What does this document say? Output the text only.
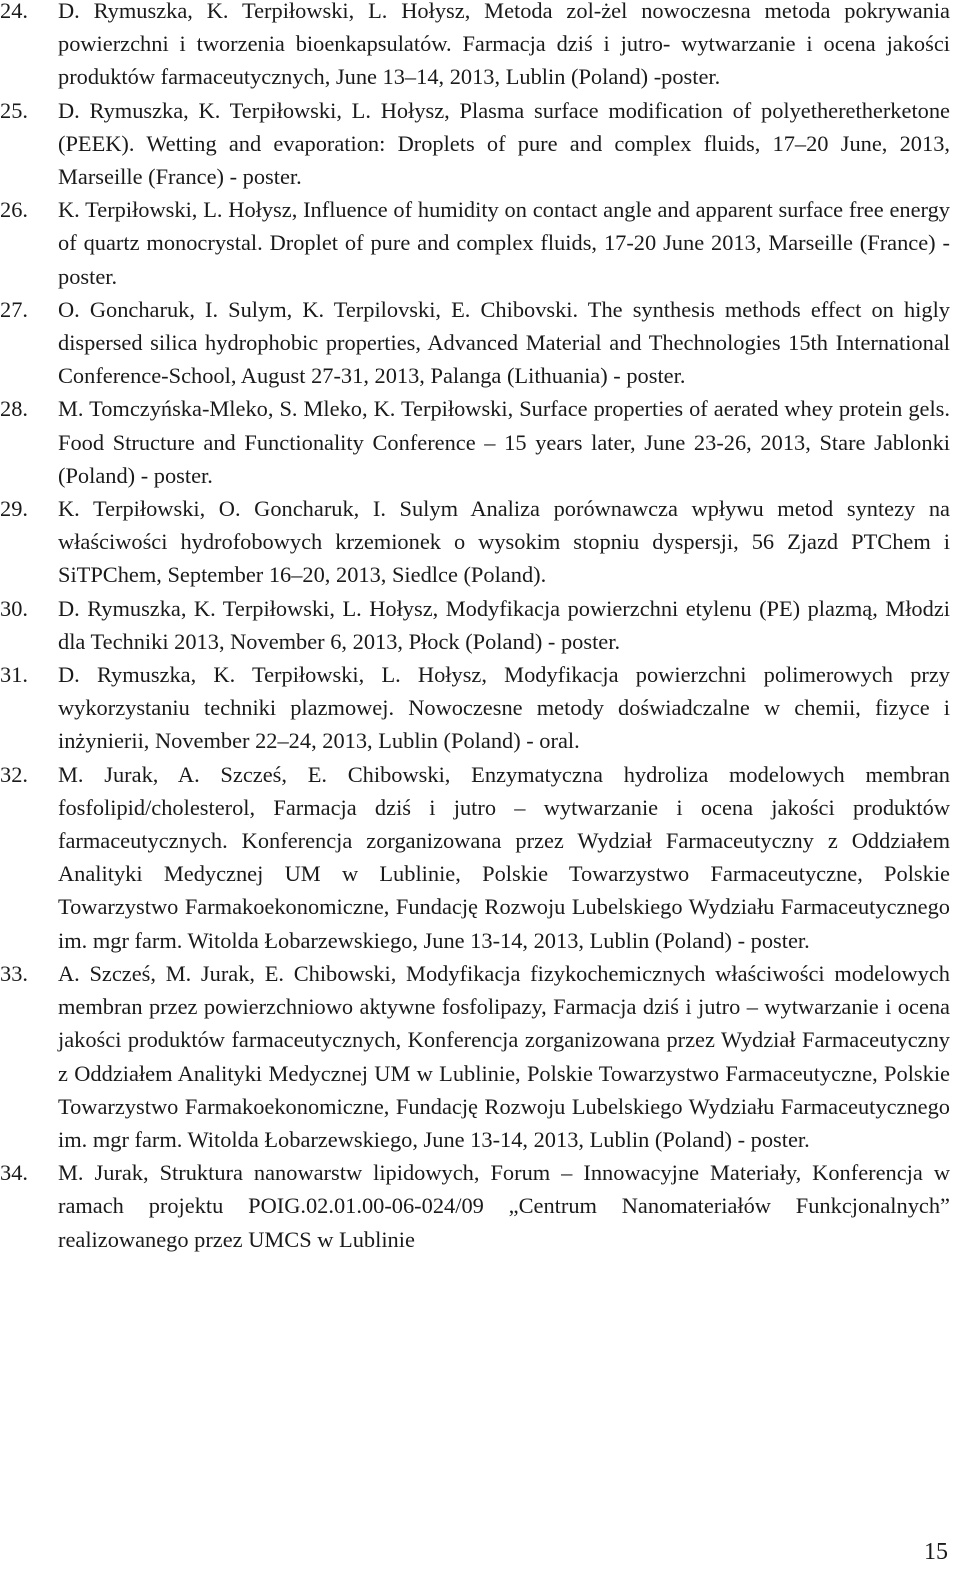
24. D. Rymuszka, K. Terpiłowski, L. Hołysz, Metoda zol-żel nowoczesna metoda pokrywania powierzchni i tworzenia bioenkapsulatów. Farmacja dziś i jutro- wytwarzanie i ocena jakości produktów farmaceutycznych, June 13–14, 2013, Lublin (Poland) -poster.
25. D. Rymuszka, K. Terpiłowski, L. Hołysz, Plasma surface modification of polyetheretherketone (PEEK). Wetting and evaporation: Droplets of pure and complex fluids, 17–20 June, 2013, Marseille (France) - poster.
26. K. Terpiłowski, L. Hołysz, Influence of humidity on contact angle and apparent surface free energy of quartz monocrystal. Droplet of pure and complex fluids, 17-20 June 2013, Marseille (France) - poster.
27. O. Goncharuk, I. Sulym, K. Terpilovski, E. Chibovski. The synthesis methods effect on higly dispersed silica hydrophobic properties, Advanced Material and Thechnologies 15th International Conference-School, August 27-31, 2013, Palanga (Lithuania) - poster.
28. M. Tomczyńska-Mleko, S. Mleko, K. Terpiłowski, Surface properties of aerated whey protein gels. Food Structure and Functionality Conference – 15 years later, June 23-26, 2013, Stare Jablonki (Poland) - poster.
29. K. Terpiłowski, O. Goncharuk, I. Sulym Analiza porównawcza wpływu metod syntezy na właściwości hydrofobowych krzemionek o wysokim stopniu dyspersji, 56 Zjazd PTChem i SiTPChem, September 16–20, 2013, Siedlce (Poland).
30. D. Rymuszka, K. Terpiłowski, L. Hołysz, Modyfikacja powierzchni etylenu (PE) plazmą, Młodzi dla Techniki 2013, November 6, 2013, Płock (Poland) - poster.
31. D. Rymuszka, K. Terpiłowski, L. Hołysz, Modyfikacja powierzchni polimerowych przy wykorzystaniu techniki plazmowej. Nowoczesne metody doświadczalne w chemii, fizyce i inżynierii, November 22–24, 2013, Lublin (Poland) - oral.
32. M. Jurak, A. Szcześ, E. Chibowski, Enzymatyczna hydroliza modelowych membran fosfolipid/cholesterol, Farmacja dziś i jutro – wytwarzanie i ocena jakości produktów farmaceutycznych. Konferencja zorganizowana przez Wydział Farmaceutyczny z Oddziałem Analityki Medycznej UM w Lublinie, Polskie Towarzystwo Farmaceutyczne, Polskie Towarzystwo Farmakoekonomiczne, Fundację Rozwoju Lubelskiego Wydziału Farmaceutycznego im. mgr farm. Witolda Łobarzewskiego, June 13-14, 2013, Lublin (Poland) - poster.
33. A. Szcześ, M. Jurak, E. Chibowski, Modyfikacja fizykochemicznych właściwości modelowych membran przez powierzchniowo aktywne fosfolipazy, Farmacja dziś i jutro – wytwarzanie i ocena jakości produktów farmaceutycznych, Konferencja zorganizowana przez Wydział Farmaceutyczny z Oddziałem Analityki Medycznej UM w Lublinie, Polskie Towarzystwo Farmaceutyczne, Polskie Towarzystwo Farmakoekonomiczne, Fundację Rozwoju Lubelskiego Wydziału Farmaceutycznego im. mgr farm. Witolda Łobarzewskiego, June 13-14, 2013, Lublin (Poland) - poster.
34. M. Jurak, Struktura nanowarstw lipidowych, Forum – Innowacyjne Materiały, Konferencja w ramach projektu POIG.02.01.00-06-024/09 „Centrum Nanomateriałów Funkcjonalnych” realizowanego przez UMCS w Lublinie
15
